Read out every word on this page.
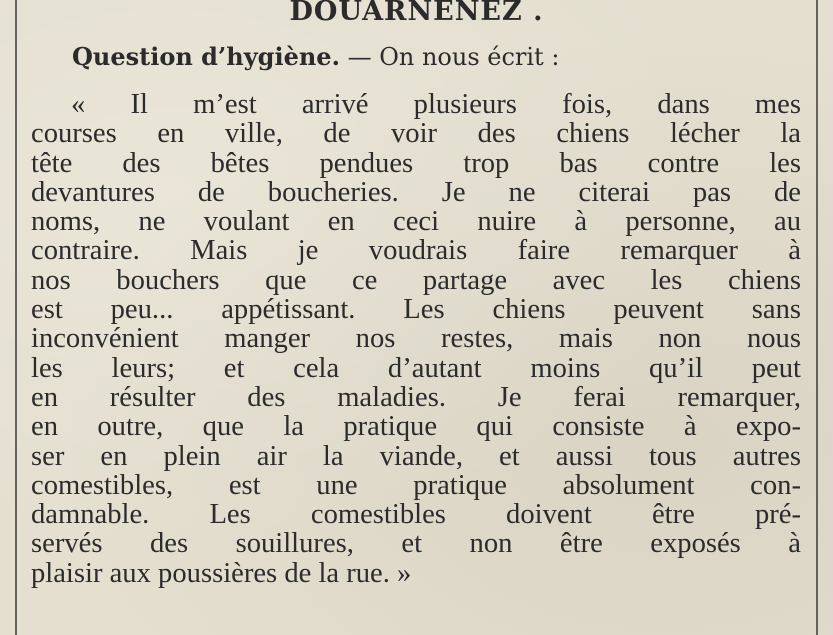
DOUARNENEZ .
Question d’hygiène. — On nous écrit :
« Il m’est arrivé plusieurs fois, dans mes
courses en ville, de voir des chiens lécher la
tête des bêtes pendues trop bas contre les
devantures de boucheries. Je ne citerai pas de
noms, ne voulant en ceci nuire à personne, au
contraire. Mais je voudrais faire remarquer à
nos bouchers que ce partage avec les chiens
est peu... appétissant. Les chiens peuvent sans
inconvénient manger nos restes, mais non nous
les leurs; et cela d’autant moins qu’il peut
en résulter des maladies. Je ferai remarquer,
en outre, que la pratique qui consiste à expo-
ser en plein air la viande, et aussi tous autres
comestibles, est une pratique absolument con-
damnable. Les comestibles doivent être pré-
servés des souillures, et non être exposés à
plaisir aux poussières de la rue. »
